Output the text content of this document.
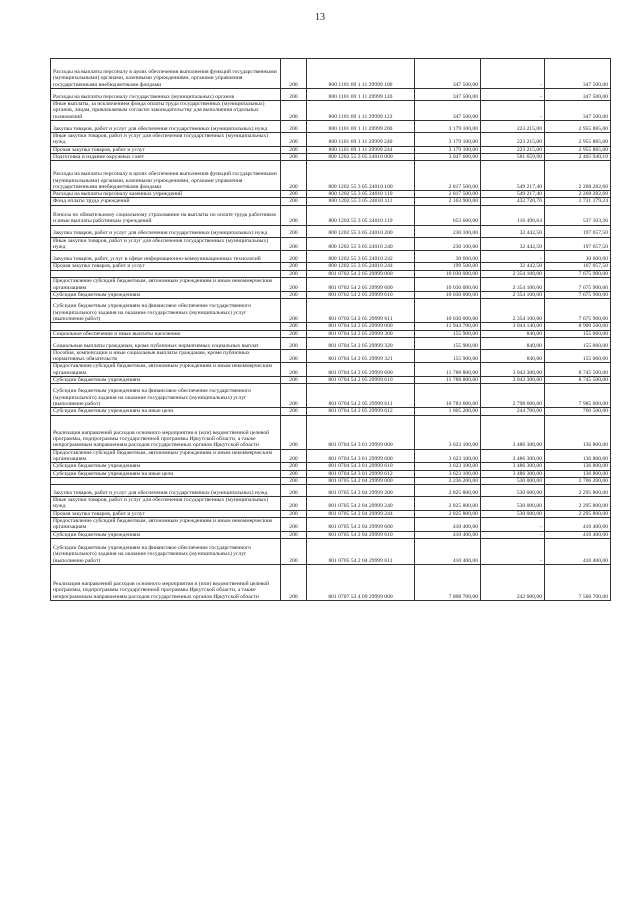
13
Расходы на выплаты персоналу в целях обеспечения выполнения функций государственными (муниципальными) органами, казенными учреждениями, органами управления государственными внебюджетными фондами	200	800 1101 69 1 11 29999 100	347 500,00	-	347 500,00
Расходы на выплаты персоналу государственных (муниципальных) органов	200	800 1101 69 1 11 29999 120	347 500,00	-	347 500,00
Иные выплаты, за исключением фонда оплаты труда государственных (муниципальных) органов, лицам, привлекаемым согласно законодательству для выполнения отдельных полномочий	200	800 1101 69 1 11 29999 123	347 500,00	-	347 500,00
Закупка товаров, работ и услуг для обеспечения государственных (муниципальных) нужд	200	800 1101 69 1 11 29999 200	3 179 100,00	223 215,00	2 955 885,00
Иные закупки товаров, работ и услуг для обеспечения государственных (муниципальных) нужд	200	800 1101 69 1 11 29999 240	3 179 100,00	223 215,00	2 955 885,00
Прочая закупка товаров, работ и услуг	200	800 1101 69 1 11 29999 244	3 179 100,00	223 215,00	2 955 885,00
Подготовка и издание окружных газет	200	800 1202 55 3 05 24010 000	3 047 600,00	581 659,90	2 465 940,10
Расходы на выплаты персоналу в целях обеспечения выполнения функций государственными (муниципальными) органами, казенными учреждениями, органами управления государственными внебюджетными фондами	200	800 1202 55 3 05 24010 100	2 817 500,00	549 217,40	2 268 282,60
Расходы на выплаты персоналу казенных учреждений	200	800 1202 55 3 05 24010 110	2 817 500,00	549 217,40	2 268 282,60
Фонд оплаты труда учреждений	200	800 1202 55 3 05 24010 111	2 163 900,00	432 720,76	1 731 179,24
Взносы по обязательному социальному страхованию на выплаты по оплате труда работников и иные выплаты работникам учреждений	200	800 1202 55 3 05 24010 119	653 600,00	116 496,64	537 103,36
Закупка товаров, работ и услуг для обеспечения государственных (муниципальных) нужд	200	800 1202 55 3 05 24010 200	230 100,00	32 442,50	197 657,50
Иные закупки товаров, работ и услуг для обеспечения государственных (муниципальных) нужд	200	800 1202 55 3 05 24010 240	230 100,00	32 442,50	197 657,50
Закупка товаров, работ, услуг в сфере информационно-коммуникационных технологий	200	800 1202 55 3 05 24010 242	30 600,00	-	30 600,00
Прочая закупка товаров, работ и услуг	200	800 1202 55 3 05 24010 244	199 500,00	32 442,50	167 057,50
	200	801 0702 54 2 05 29999 000	10 030 000,00	2 354 100,00	7 675 900,00
Предоставление субсидий бюджетным, автономным учреждениям и иным некоммерческим организациям	200	801 0702 54 2 05 29999 600	10 030 000,00	2 354 100,00	7 675 900,00
Субсидии бюджетным учреждениям	200	801 0702 54 2 05 29999 610	10 030 000,00	2 354 100,00	7 675 900,00
Субсидии бюджетным учреждениям на финансовое обеспечение государственного (муниципального) задания на оказание государственных (муниципальных) услуг (выполнение работ)	200	801 0702 54 2 05 29999 611	10 030 000,00	2 354 100,00	7 675 900,00
	200	801 0704 54 2 05 29999 000	11 944 700,00	3 044 140,00	8 900 560,00
Социальное обеспечение и иные выплаты населению	200	801 0704 54 2 05 29999 300	155 900,00	840,00	155 060,00
Социальные выплаты гражданам, кроме публичных нормативных социальных выплат	200	801 0704 54 2 05 29999 320	155 900,00	840,00	155 060,00
Пособия, компенсации и иные социальные выплаты гражданам, кроме публичных нормативных обязательств	200	801 0704 54 2 05 29999 321	155 900,00	840,00	155 060,00
Предоставление субсидий бюджетным, автономным учреждениям и иным некоммерческим организациям	200	801 0704 54 2 05 29999 600	11 788 800,00	3 043 300,00	8 745 500,00
Субсидии бюджетным учреждениям	200	801 0704 54 2 05 29999 610	11 788 800,00	3 043 300,00	8 745 500,00
Субсидии бюджетным учреждениям на финансовое обеспечение государственного (муниципального) задания на оказание государственных (муниципальных) услуг (выполнение работ)	200	801 0704 54 2 05 29999 611	10 783 600,00	2 798 600,00	7 985 000,00
Субсидии бюджетным учреждениям на иные цели	200	801 0704 54 2 05 29999 612	1 005 200,00	244 700,00	760 500,00
Реализация направлений расходов основного мероприятия и (или) ведомственной целевой программы, подпрограммы государственной программы Иркутской области, а также непрограммным направлениям расходов государственных органов Иркутской области	200	801 0704 54 3 01 29999 000	3 623 100,00	3 486 300,00	136 800,00
Предоставление субсидий бюджетным, автономным учреждениям и иным некоммерческим организациям	200	801 0704 54 3 01 29999 600	3 623 100,00	3 486 300,00	136 800,00
Субсидии бюджетным учреждениям	200	801 0704 54 3 01 29999 610	3 623 100,00	3 486 300,00	136 800,00
Субсидии бюджетным учреждениям на иные цели	200	801 0704 54 3 01 29999 612	3 623 100,00	3 486 300,00	136 800,00
	200	801 0705 54 2 04 29999 000	3 236 200,00	530 000,00	2 706 200,00
Закупка товаров, работ и услуг для обеспечения государственных (муниципальных) нужд	200	801 0705 54 2 04 29999 200	2 825 800,00	530 000,00	2 295 800,00
Иные закупки товаров, работ и услуг для обеспечения государственных (муниципальных) нужд	200	801 0705 54 2 04 29999 240	2 825 800,00	530 000,00	2 295 800,00
Прочая закупка товаров, работ и услуг	200	801 0705 54 2 04 29999 244	2 825 800,00	530 000,00	2 295 800,00
Предоставление субсидий бюджетным, автономным учреждениям и иным некоммерческим организациям	200	801 0705 54 2 04 29999 600	410 400,00	-	410 400,00
Субсидии бюджетным учреждениям	200	801 0705 54 2 04 29999 610	410 400,00	-	410 400,00
Субсидии бюджетным учреждениям на финансовое обеспечение государственного (муниципального) задания на оказание государственных (муниципальных) услуг (выполнение работ)	200	801 0705 54 2 04 29999 611	410 400,00	-	410 400,00
Реализация направлений расходов основного мероприятия и (или) ведомственной целевой программы, подпрограммы государственной программы Иркутской области, а также непрограммным направлениям расходов государственных органов Иркутской области	200	801 0707 53 4 09 29999 000	7 808 700,00	242 000,00	7 566 700,00
